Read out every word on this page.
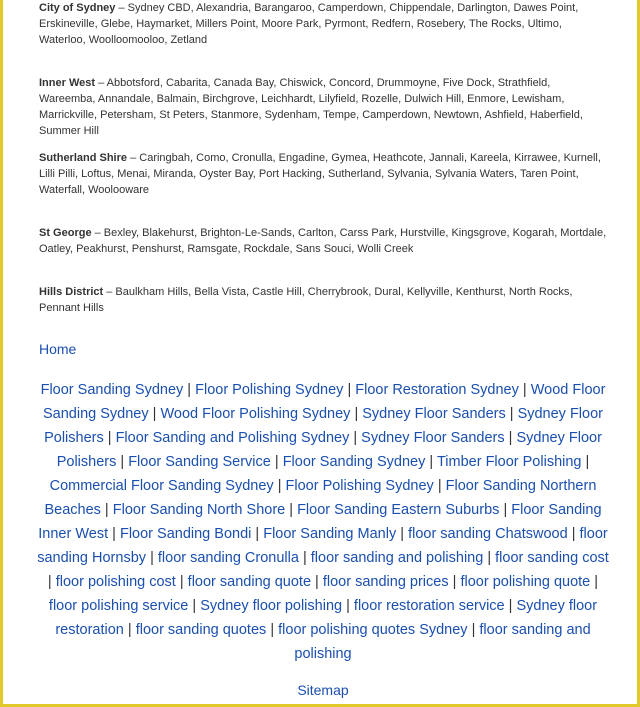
City of Sydney – Sydney CBD, Alexandria, Barangaroo, Camperdown, Chippendale, Darlington, Dawes Point, Erskineville, Glebe, Haymarket, Millers Point, Moore Park, Pyrmont, Redfern, Rosebery, The Rocks, Ultimo, Waterloo, Woolloomooloo, Zetland

Inner West – Abbotsford, Cabarita, Canada Bay, Chiswick, Concord, Drummoyne, Five Dock, Strathfield, Wareemba, Annandale, Balmain, Birchgrove, Leichhardt, Lilyfield, Rozelle, Dulwich Hill, Enmore, Lewisham, Marrickville, Petersham, St Peters, Stanmore, Sydenham, Tempe, Camperdown, Newtown, Ashfield, Haberfield, Summer Hill

Sutherland Shire – Caringbah, Como, Cronulla, Engadine, Gymea, Heathcote, Jannali, Kareela, Kirrawee, Kurnell, Lilli Pilli, Loftus, Menai, Miranda, Oyster Bay, Port Hacking, Sutherland, Sylvania, Sylvania Waters, Taren Point, Waterfall, Woolooware

St George – Bexley, Blakehurst, Brighton-Le-Sands, Carlton, Carss Park, Hurstville, Kingsgrove, Kogarah, Mortdale, Oatley, Peakhurst, Penshurst, Ramsgate, Rockdale, Sans Souci, Wolli Creek

Hills District – Baulkham Hills, Bella Vista, Castle Hill, Cherrybrook, Dural, Kellyville, Kenthurst, North Rocks, Pennant Hills

Home
Floor Sanding Sydney | Floor Polishing Sydney | Floor Restoration Sydney | Wood Floor Sanding Sydney | Wood Floor Polishing Sydney | Sydney Floor Sanders | Sydney Floor Polishers | Floor Sanding and Polishing Sydney | Sydney Floor Sanders | Sydney Floor Polishers | Floor Sanding Service | Floor Sanding Sydney | Timber Floor Polishing | Commercial Floor Sanding Sydney | Floor Polishing Sydney | Floor Sanding Northern Beaches | Floor Sanding North Shore | Floor Sanding Eastern Suburbs | Floor Sanding Inner West | Floor Sanding Bondi | Floor Sanding Manly | floor sanding Chatswood | floor sanding Hornsby | floor sanding Cronulla | floor sanding and polishing | floor sanding cost | floor polishing cost | floor sanding quote | floor sanding prices | floor polishing quote | floor polishing service | Sydney floor polishing | floor restoration service | Sydney floor restoration | floor sanding quotes | floor polishing quotes Sydney | floor sanding and polishing
Sitemap
